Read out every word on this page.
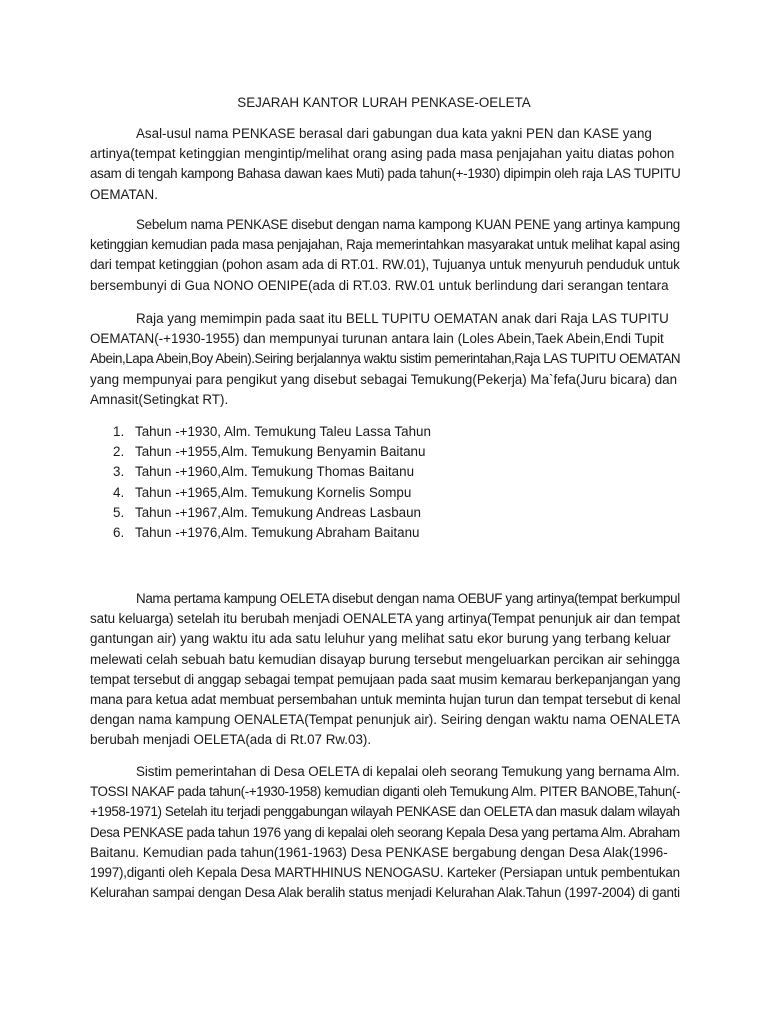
SEJARAH KANTOR LURAH PENKASE-OELETA

Asal-usul nama PENKASE berasal dari gabungan dua kata yakni PEN dan KASE yang
artinya(tempat ketinggian mengintip/melihat orang asing pada masa penjajahan yaitu diatas pohon
asam di tengah kampong Bahasa dawan kaes Muti) pada tahun(+-1930) dipimpin oleh raja LAS TUPITU
OEMATAN.

Sebelum nama PENKASE disebut dengan nama kampong KUAN PENE yang artinya kampung
ketinggian kemudian pada masa penjajahan, Raja memerintahkan masyarakat untuk melihat kapal asing
dari tempat ketinggian (pohon asam ada di RT.01. RW.01), Tujuanya untuk menyuruh penduduk untuk
bersembunyi di Gua NONO OENIPE(ada di RT.03. RW.01 untuk berlindung dari serangan tentara

Raja yang memimpin pada saat itu BELL TUPITU OEMATAN anak dari Raja LAS TUPITU
OEMATAN(-+1930-1955) dan mempunyai turunan antara lain (Loles Abein,Taek Abein,Endi Tupit
Abein,Lapa Abein,Boy Abein).Seiring berjalannya waktu sistim pemerintahan,Raja LAS TUPITU OEMATAN
yang mempunyai para pengikut yang disebut sebagai Temukung(Pekerja) Ma`fefa(Juru bicara) dan
Amnasit(Setingkat RT).

1. Tahun -+1930, Alm. Temukung Taleu Lassa Tahun
2. Tahun -+1955,Alm. Temukung Benyamin Baitanu
3. Tahun -+1960,Alm. Temukung Thomas Baitanu
4. Tahun -+1965,Alm. Temukung Kornelis Sompu
5. Tahun -+1967,Alm. Temukung Andreas Lasbaun
6. Tahun -+1976,Alm. Temukung Abraham Baitanu

Nama pertama kampung OELETA disebut dengan nama OEBUF yang artinya(tempat berkumpul
satu keluarga) setelah itu berubah menjadi OENALETA yang artinya(Tempat penunjuk air dan tempat
gantungan air) yang waktu itu ada satu leluhur yang melihat satu ekor burung yang terbang keluar
melewati celah sebuah batu kemudian disayap burung tersebut mengeluarkan percikan air sehingga
tempat tersebut di anggap sebagai tempat pemujaan pada saat musim kemarau berkepanjangan yang
mana para ketua adat membuat persembahan untuk meminta hujan turun dan tempat tersebut di kenal
dengan nama kampung OENALETA(Tempat penunjuk air). Seiring dengan waktu nama OENALETA
berubah menjadi OELETA(ada di Rt.07 Rw.03).

Sistim pemerintahan di Desa OELETA di kepalai oleh seorang Temukung yang bernama Alm.
TOSSI NAKAF pada tahun(-+1930-1958) kemudian diganti oleh Temukung Alm. PITER BANOBE,Tahun(-
+1958-1971) Setelah itu terjadi penggabungan wilayah PENKASE dan OELETA dan masuk dalam wilayah
Desa PENKASE pada tahun 1976 yang di kepalai oleh seorang Kepala Desa yang pertama Alm. Abraham
Baitanu. Kemudian pada tahun(1961-1963) Desa PENKASE bergabung dengan Desa Alak(1996-
1997),diganti oleh Kepala Desa MARTHHINUS NENOGASU. Karteker (Persiapan untuk pembentukan
Kelurahan sampai dengan Desa Alak beralih status menjadi Kelurahan Alak.Tahun (1997-2004) di ganti
